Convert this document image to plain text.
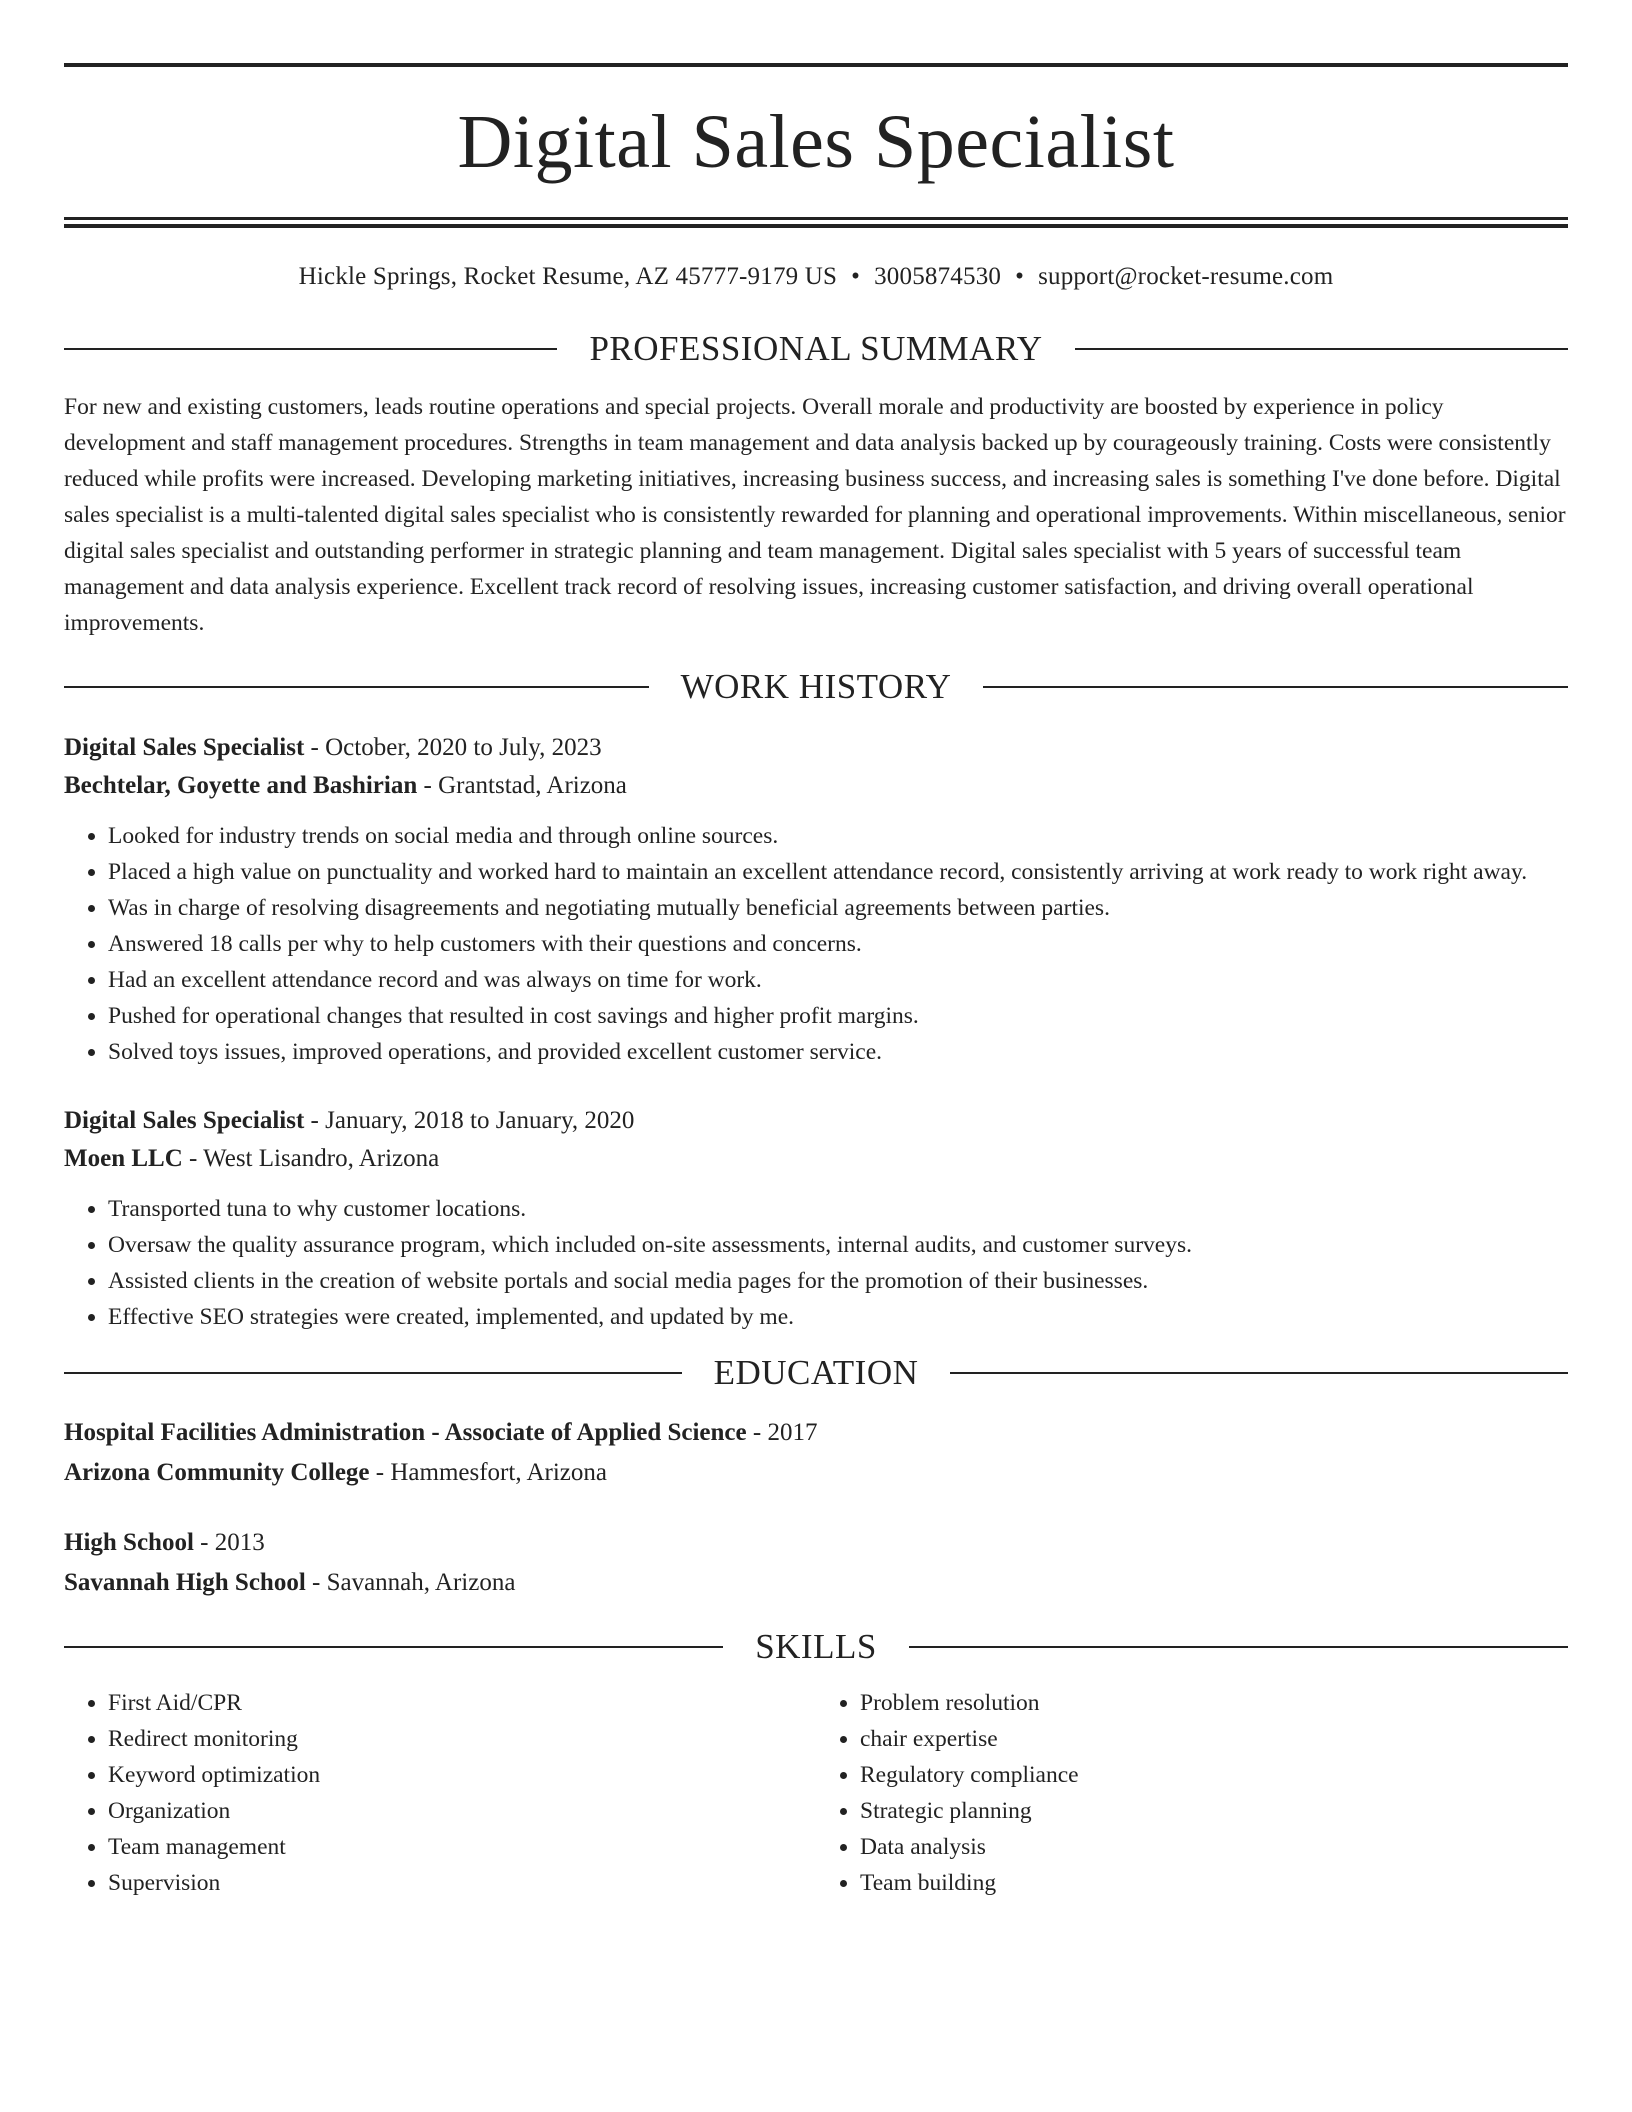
Digital Sales Specialist
Hickle Springs, Rocket Resume, AZ 45777-9179 US • 3005874530 • support@rocket-resume.com
PROFESSIONAL SUMMARY

For new and existing customers, leads routine operations and special projects. Overall morale and productivity are boosted by experience in policy development and staff management procedures. Strengths in team management and data analysis backed up by courageously training. Costs were consistently reduced while profits were increased. Developing marketing initiatives, increasing business success, and increasing sales is something I've done before. Digital sales specialist is a multi-talented digital sales specialist who is consistently rewarded for planning and operational improvements. Within miscellaneous, senior digital sales specialist and outstanding performer in strategic planning and team management. Digital sales specialist with 5 years of successful team management and data analysis experience. Excellent track record of resolving issues, increasing customer satisfaction, and driving overall operational improvements.

WORK HISTORY
Digital Sales Specialist - October, 2020 to July, 2023
Bechtelar, Goyette and Bashirian - Grantstad, Arizona
• Looked for industry trends on social media and through online sources.
• Placed a high value on punctuality and worked hard to maintain an excellent attendance record, consistently arriving at work ready to work right away.
• Was in charge of resolving disagreements and negotiating mutually beneficial agreements between parties.
• Answered 18 calls per why to help customers with their questions and concerns.
• Had an excellent attendance record and was always on time for work.
• Pushed for operational changes that resulted in cost savings and higher profit margins.
• Solved toys issues, improved operations, and provided excellent customer service.
Digital Sales Specialist - January, 2018 to January, 2020
Moen LLC - West Lisandro, Arizona
• Transported tuna to why customer locations.
• Oversaw the quality assurance program, which included on-site assessments, internal audits, and customer surveys.
• Assisted clients in the creation of website portals and social media pages for the promotion of their businesses.
• Effective SEO strategies were created, implemented, and updated by me.
EDUCATION
Hospital Facilities Administration - Associate of Applied Science - 2017
Arizona Community College - Hammesfort, Arizona
High School - 2013
Savannah High School - Savannah, Arizona
SKILLS
• First Aid/CPR
• Redirect monitoring
• Keyword optimization
• Organization
• Team management
• Supervision
• Problem resolution
• chair expertise
• Regulatory compliance
• Strategic planning
• Data analysis
• Team building
